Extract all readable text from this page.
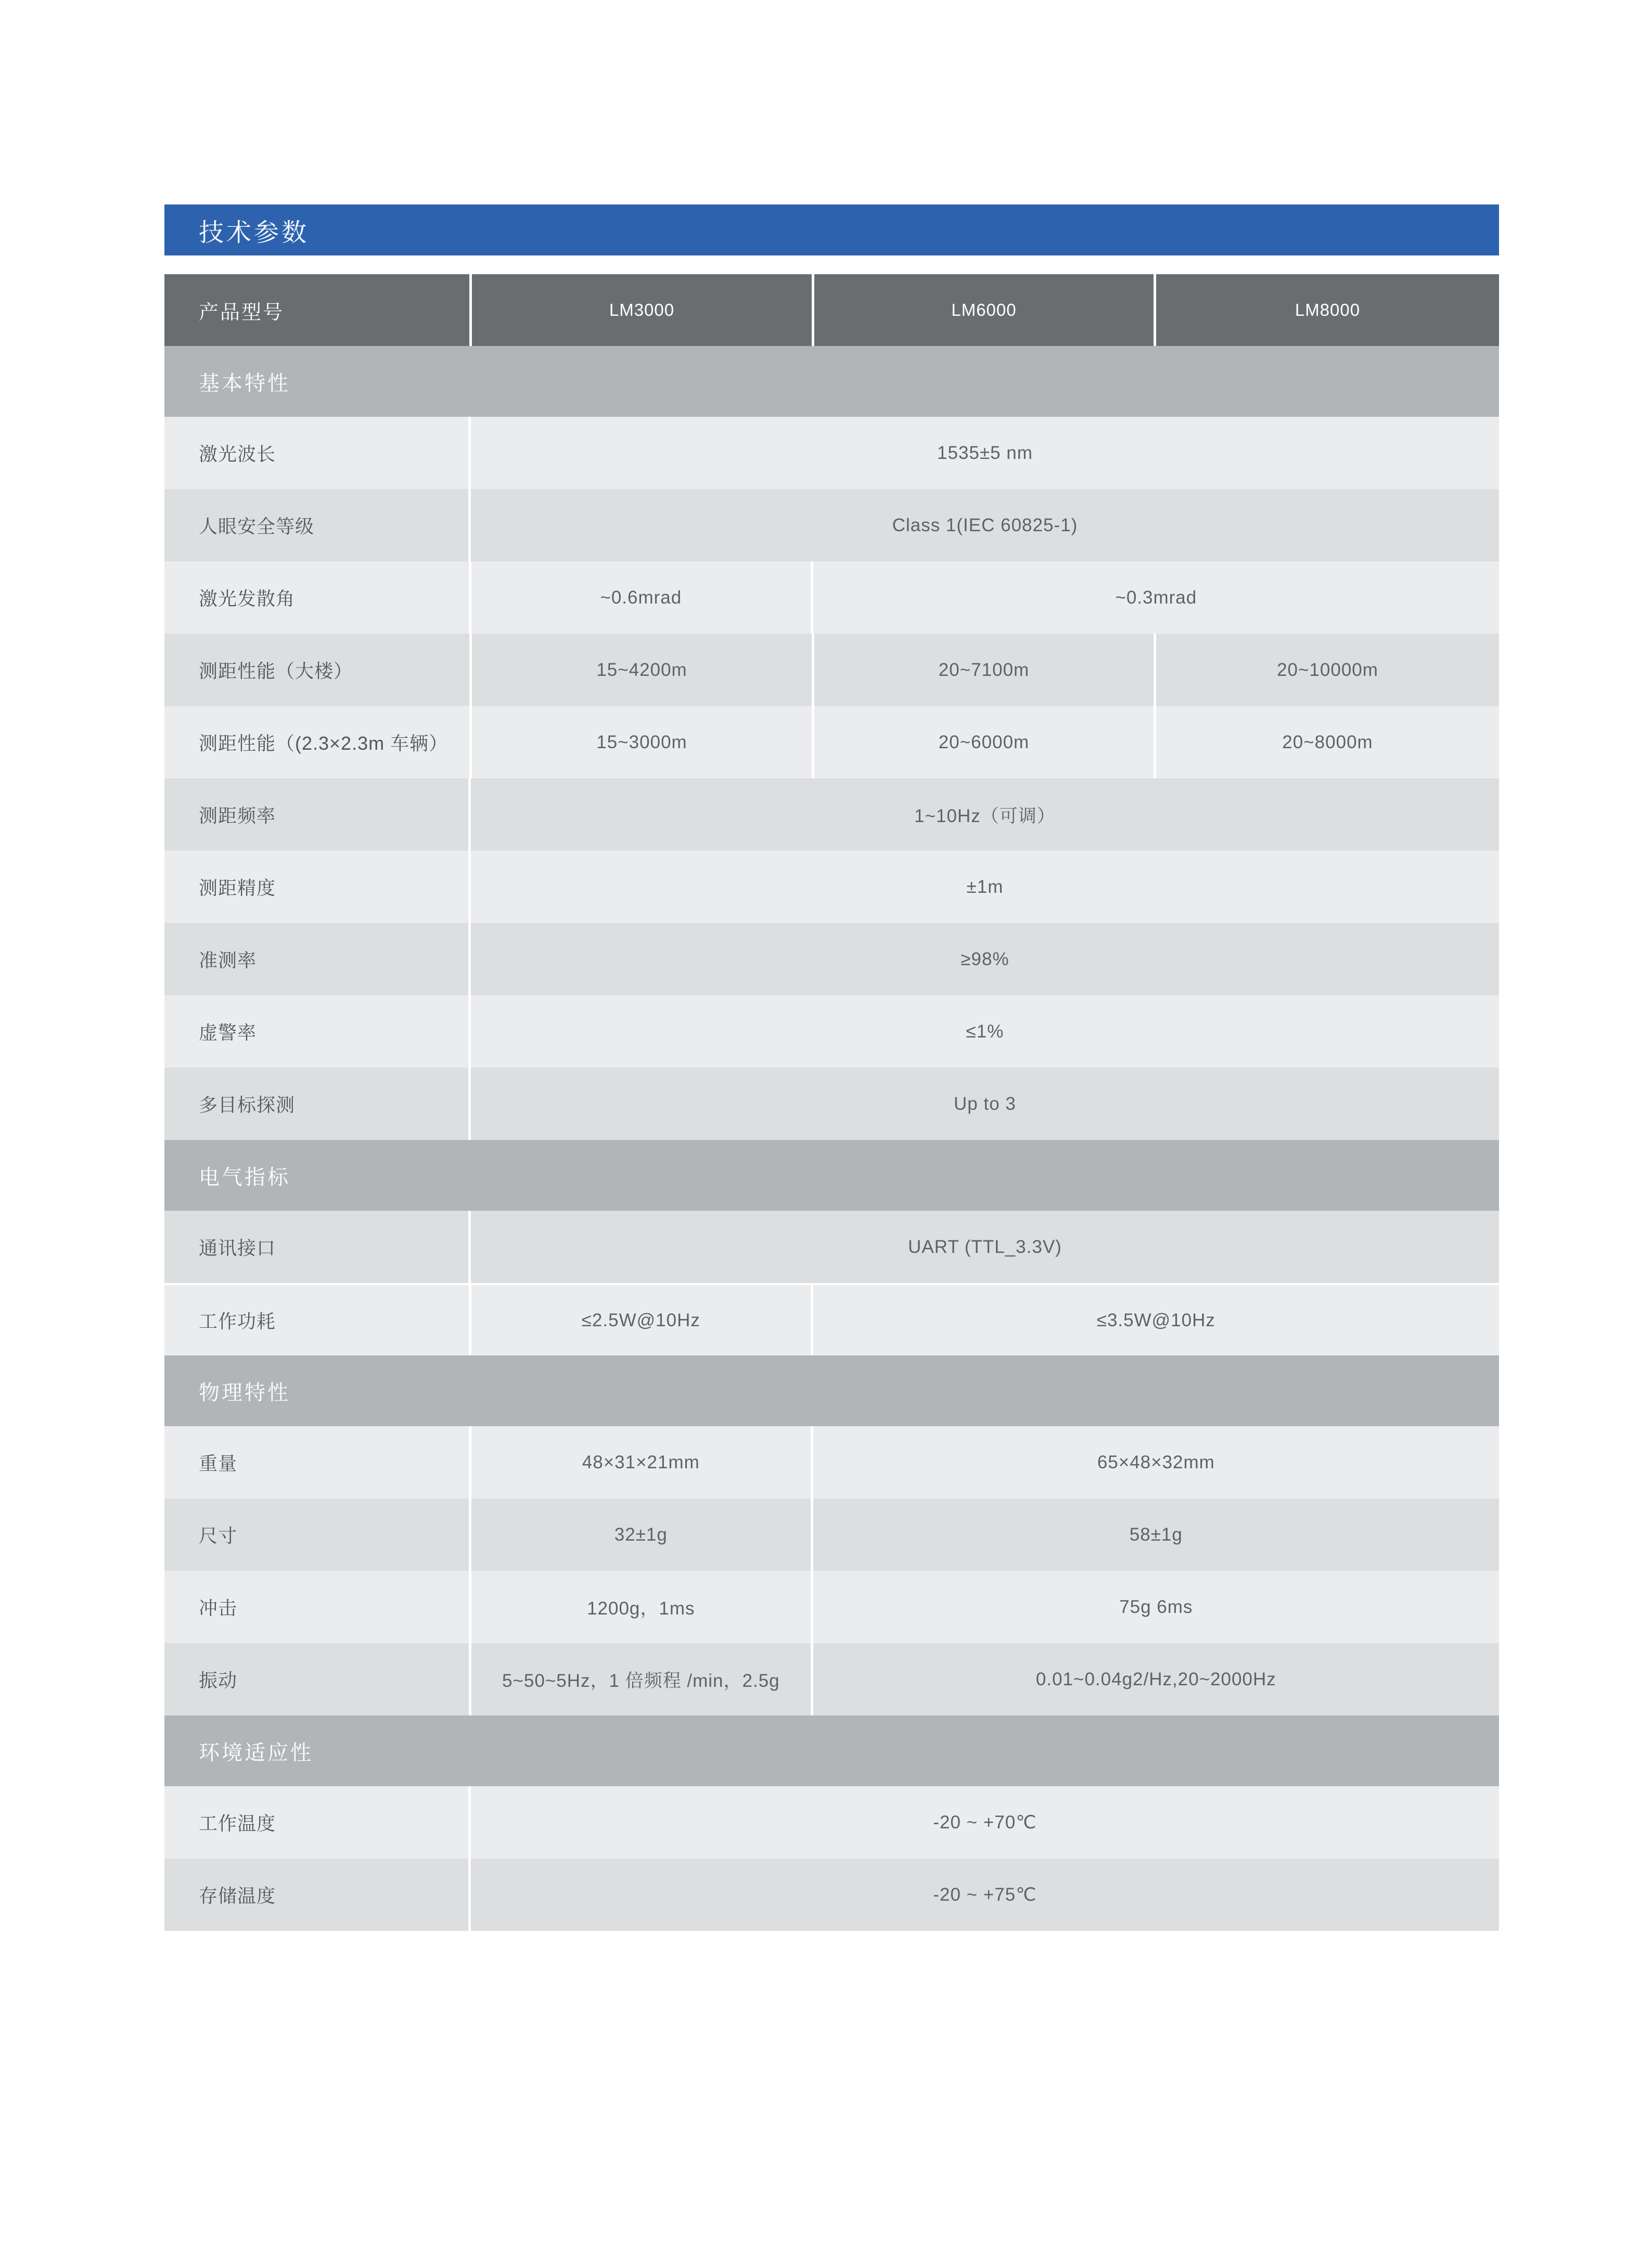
技术参数
产品型号	LM3000	LM6000	LM8000
基本特性
激光波长	1535±5 nm
人眼安全等级	Class 1(IEC 60825-1)
激光发散角	~0.6mrad	~0.3mrad
测距性能（大楼）	15~4200m	20~7100m	20~10000m
测距性能（(2.3×2.3m 车辆）	15~3000m	20~6000m	20~8000m
测距频率	1~10Hz（可调）
测距精度	±1m
准测率	≥98%
虚警率	≤1%
多目标探测	Up to 3
电气指标
通讯接口	UART (TTL_3.3V)
工作功耗	≤2.5W@10Hz	≤3.5W@10Hz
物理特性
重量	48×31×21mm	65×48×32mm
尺寸	32±1g	58±1g
冲击	1200g，1ms	75g 6ms
振动	5~50~5Hz，1 倍频程 /min，2.5g	0.01~0.04g2/Hz,20~2000Hz
环境适应性
工作温度	-20 ~ +70℃
存储温度	-20 ~ +75℃
